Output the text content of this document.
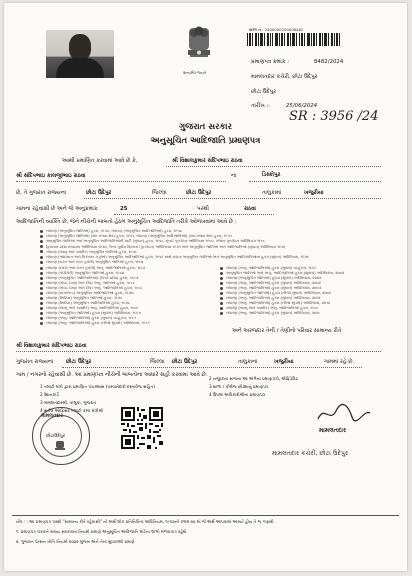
સત્યમેવ જયતે
સરલ નં : 2400000200008482
પ્રમાણપત્ર ક્રમાંક :	8482/2024
મામલતદાર કચેરી, છોટા ઉદેપુર
છોટા ઉદેપુર
તારીખ :-	25/06/2024
SR : 3956 /24
ગુજરાત સરકાર
અનુસૂચિત આદિજાતિ પ્રમાણપત્ર
આથી પ્રમાણિત કરવામાં આવે છે કે,	શ્રી વિશાલકુમાર સંદિપભાઇ રાઠવા
શ્રી સંદિપભાઇ કાલજીભાઇ રાઠવા	ના	ડિસ્કોપુર
છે, તે ગુજરાત રાજ્યના	છોટા ઉદેપુર	જિલ્લા	છોટા ઉદેપુર	તાલુકામાં	ખજુરીયા
ગામના રહેવાસી છે અને જે અનુક્રમાંક	25	પરથી	રાઠવા
આદિજાતિની વ્યક્તિ છે, જેને નીચેની બાબતો હેઠળ અનુસૂચિત આદિજાતિ તરીકે ઓળખવામાં આવે છે :
બંધારણ (અનુસૂચિત જાતિઓ) હુકમ, ૧૯૫૦, બંધારણ (અનુસૂચિત આદિજાતિઓ) હુકમ, ૧૯૫૦
બંધારણ (અનુસૂચિત જાતિઓ) (સંઘ રાજ્ય ક્ષેત્ર) હુકમ, ૧૯૫૧, બંધારણ (અનુસૂચિત આદિજાતિઓ) (સંઘ રાજ્ય ક્ષેત્ર) હુકમ, ૧૯૫૧
અનુસૂચિત જાતિઓ અને અનુસૂચિત આદિજાતિઓની યાદી (સુધારા) હુકમ, ૧૯૫૬, મુંબઈ પુનર્ગઠન અધિનિયમ ૧૯૬૦, પંજાબ પુનર્ગઠન અધિનિયમ ૧૯૬૬
હિમાચલ પ્રદેશ રાજ્યના અધિનિયમ ૧૯૭૦, ઉત્તર પૂર્વીય વિસ્તારો (પુનર્ગઠન) અધિનિયમ ૧૯૭૧ અને અનુસૂચિત જાતિઓ અને આદિજાતિઓ (સુધારા) અધિનિયમ ૧૯૭૬
બંધારણ (જમ્મુ અને કાશ્મીર) અનુસૂચિત જાતિઓ હુકમ, ૧૯૫૬
બંધારણ (આંદામાન અને નિકોબાર ટાપુઓ) અનુસૂચિત આદિજાતિઓ હુકમ, ૧૯૫૯ સાથે વાંચતા અનુસૂચિત જાતિઓ અને અનુસૂચિત આદિજાતિઓના હુકમ (સુધારા) અધિનિયમ, ૧૯૭૬
બંધારણ (દાદરા અને નગર હવેલી) અનુસૂચિત જાતિઓ હુકમ, ૧૯૬૨
બંધારણ (દાદરા અને નગર હવેલી) અનુ. આદિજાતિઓ હુકમ, ૧૯૬૨
બંધારણ (પોંડીચેરી) અનુસૂચિત જાતિઓ હુકમ, ૧૯૬૪
બંધારણ (અનુસૂચિત આદિજાતિઓ) (ઉત્તર પ્રદેશ) હુકમ, ૧૯૬૭
બંધારણ (ગોવા, દમણ અને દીવ) અનુ. જાતિઓ હુકમ, ૧૯૬૮
બંધારણ (ગોવા, દમણ અને દીવ) અનુ. આદિજાતિઓ હુકમ, ૧૯૬૮
બંધારણ (નાગાલેન્ડ) અનુસૂચિત આદિજાતિઓ હુકમ, ૧૯૭૦
બંધારણ (સિક્કિમ) અનુસૂચિત જાતિઓ હુકમ, ૧૯૭૮
બંધારણ (સિક્કિમ) અનુસૂચિત આદિજાતિઓ હુકમ, ૧૯૭૮
બંધારણ (જમ્મુ અને કાશ્મીર) અનુ. આદિજાતિઓ હુકમ, ૧૯૮૯
બંધારણ (અનુસૂચિત જાતિઓ) હુકમ (સુધારા) અધિનિયમ, ૧૯૯૦
બંધારણ (અનુ. આદિજાતિઓ) હુકમ (સુધારા) વટહુકમ, ૧૯૯૧
બંધારણ (અનુ. આદિજાતિઓ) હુકમ (બીજો સુધારો) અધિનિયમ, ૧૯૯૧
બંધારણ (અનુ. આદિજાતિઓ) હુકમ (સુધારા) વટહુકમ, ૧૯૯૬
અનુસૂચિત જાતિઓ અને અનુ. આદિજાતિઓ હુકમ (સુધારા) અધિનિયમ, ૨૦૦૨
બંધારણ (અનુસૂચિત જાતિઓ) હુકમ (સુધારા) અધિનિયમ, ૨૦૦૨
બંધારણ (અનુ. આદિજાતિઓ) હુકમ (સુધારા) અધિનિયમ, ૨૦૦૨
બંધારણ (અનુ. આદિજાતિઓ) હુકમ (સુધારા) અધિનિયમ, ૨૦૦૩
બંધારણ (અનુસૂચિત જાતિઓ) હુકમ (બીજો સુધારો) અધિનિયમ, ૨૦૦૨
બંધારણ (અનુ. આદિજાતિઓ) હુકમ (સુધારા) અધિનિયમ, ૨૦૧૨
બંધારણ (અનુ. આદિજાતિઓ) હુકમ (બીજો સુધારો) અધિનિયમ, ૨૦૧૨
બંધારણ (જમ્મુ અને કાશ્મીર) અનુ. આદિજાતિઓ હુકમ, ૧૯૮૯
બંધારણ (અનુ. આદિજાતિઓ) હુકમ (સુધારા) અધિનિયમ, ૨૦૧૬
અને અરજદાર તેની / તેણીનો પરિવાર સામાન્ય રીતે
શ્રી વિશાલકુમાર સંદિપભાઇ રાઠવા
ગુજરાત રાજ્યના છોટા ઉદેપુર	જિલ્લા છોટા ઉદેપુર	તાલુકાના	ખજુરીયા	ગામમાં રહે છે.
ગામ / નગરનો રહેવાસી છે. આ પ્રમાણપત્ર નીચેની બાબતોના આધારે સહી કરવામાં આવે છે.
1 તલાટી મંત્રી દ્વારા પ્રમાણિત પંચક્યાસ (પરવાનેદારી દસ્તાવેજ સહિત)
2 રેશનકાર્ડ
3 મામલતદારશ્રી, તાલુકા, ગુજરાત
4 સર્કલ ઓફિસર તલાટી કમ્પ મંત્રીશ્રી
2 નજીકના સગાના આ અંગેના પ્રમાણપત્રો, એફિડેવિટ
3 શાળા / કોલેજ છોડ્યાનું પ્રમાણપત્ર
4 ઉપલા અધિકારીશ્રીના પ્રમાણપત્ર
મામલતદાર
છોટાઉદેપુર
મામલતદાર
મામલતદાર કચેરી, છોટા ઉદેપુર
નોંધ : - આ પ્રમાણપત્ર પરથી "સામાન્ય રીતે રહેવાસી" નો અર્થ લોક પ્રતિનિધિત્વ અધિનિયમ, ૧૯૫૦ની કલમ ૨૦ માં જે અર્થ આપવામાં આવ્યો હોય તે જ ગણાશે.
૧. પ્રમાણપત્ર ધારકને રાજ્ય સરકારના નિયમો પ્રમાણે અનુસૂચિત આદિજાતિ માટેના લાભો મળવાપાત્ર રહેશે.
૨. ગુજરાત પેન્શન નીતિ નિયમો ૨૦૦૨ મુજબ અને તેના સુધારાઓ પ્રમાણે
